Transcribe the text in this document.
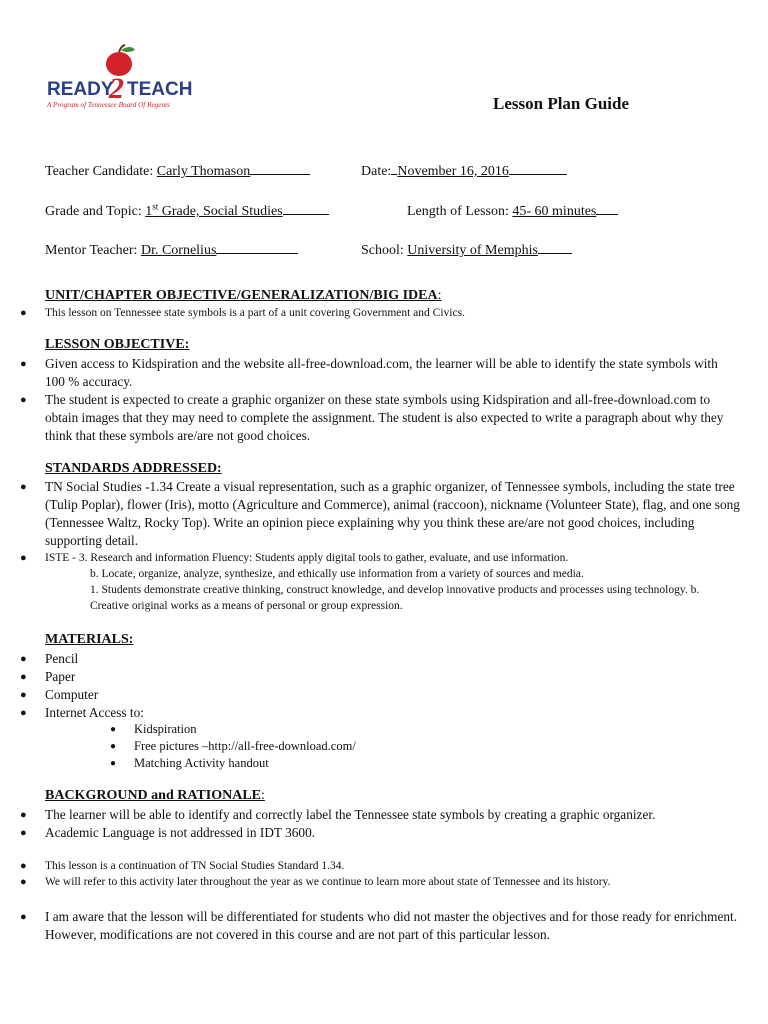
READY
2 TEACH
A Program of Tennessee Board Of Regents	Lesson Plan Guide
Teacher Candidate: Carly Thomason	Date: November 16, 2016
Grade and Topic: 1st Grade, Social Studies	Length of Lesson: 45- 60 minutes
Mentor Teacher: Dr. Cornelius	School: University of Memphis
UNIT/CHAPTER OBJECTIVE/GENERALIZATION/BIG IDEA:
● This lesson on Tennessee state symbols is a part of a unit covering Government and Civics.
LESSON OBJECTIVE:
● Given access to Kidspiration and the website all-free-download.com, the learner will be able to identify the state symbols with 100 % accuracy.
● The student is expected to create a graphic organizer on these state symbols using Kidspiration and all-free-download.com to obtain images that they may need to complete the assignment. The student is also expected to write a paragraph about why they think that these symbols are/are not good choices.
STANDARDS ADDRESSED:
● TN Social Studies -1.34 Create a visual representation, such as a graphic organizer, of Tennessee symbols, including the state tree (Tulip Poplar), flower (Iris), motto (Agriculture and Commerce), animal (raccoon), nickname (Volunteer State), flag, and one song (Tennessee Waltz, Rocky Top). Write an opinion piece explaining why you think these are/are not good choices, including supporting detail.
● ISTE - 3. Research and information Fluency: Students apply digital tools to gather, evaluate, and use information.
b. Locate, organize, analyze, synthesize, and ethically use information from a variety of sources and media.
1. Students demonstrate creative thinking, construct knowledge, and develop innovative products and processes using technology. b. Creative original works as a means of personal or group expression.
MATERIALS:
● Pencil
● Paper
● Computer
● Internet Access to:
● Kidspiration
● Free pictures –http://all-free-download.com/
● Matching Activity handout
BACKGROUND and RATIONALE:
● The learner will be able to identify and correctly label the Tennessee state symbols by creating a graphic organizer.
● Academic Language is not addressed in IDT 3600.
● This lesson is a continuation of TN Social Studies Standard 1.34.
● We will refer to this activity later throughout the year as we continue to learn more about state of Tennessee and its history.
● I am aware that the lesson will be differentiated for students who did not master the objectives and for those ready for enrichment. However, modifications are not covered in this course and are not part of this particular lesson.
